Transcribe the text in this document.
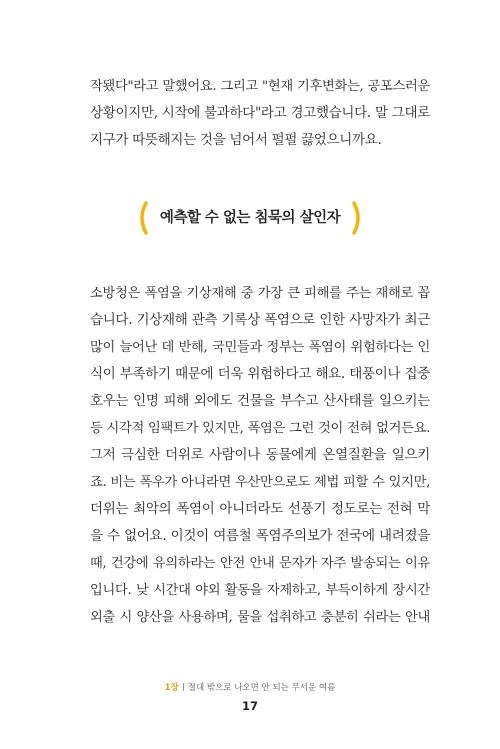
작됐다"라고 말했어요. 그리고 "현재 기후변화는, 공포스러운
상황이지만, 시작에 불과하다"라고 경고했습니다. 말 그대로
지구가 따뜻해지는 것을 넘어서 펄펄 끓었으니까요.
예측할 수 없는 침묵의 살인자
소방청은 폭염을 기상재해 중 가장 큰 피해를 주는 재해로 꼽
습니다. 기상재해 관측 기록상 폭염으로 인한 사망자가 최근
많이 늘어난 데 반해, 국민들과 정부는 폭염이 위험하다는 인
식이 부족하기 때문에 더욱 위험하다고 해요. 태풍이나 집중
호우는 인명 피해 외에도 건물을 부수고 산사태를 일으키는
등 시각적 임팩트가 있지만, 폭염은 그런 것이 전혀 없거든요.
그저 극심한 더위로 사람이나 동물에게 온열질환을 일으키
죠. 비는 폭우가 아니라면 우산만으로도 제법 피할 수 있지만,
더위는 최악의 폭염이 아니더라도 선풍기 정도로는 전혀 막
을 수 없어요. 이것이 여름철 폭염주의보가 전국에 내려졌을
때, 건강에 유의하라는 안전 안내 문자가 자주 발송되는 이유
입니다. 낮 시간대 야외 활동을 자제하고, 부득이하게 장시간
외출 시 양산을 사용하며, 물을 섭취하고 충분히 쉬라는 안내
1장 절대 밖으로 나오면 안 되는 무서운 여름
17
